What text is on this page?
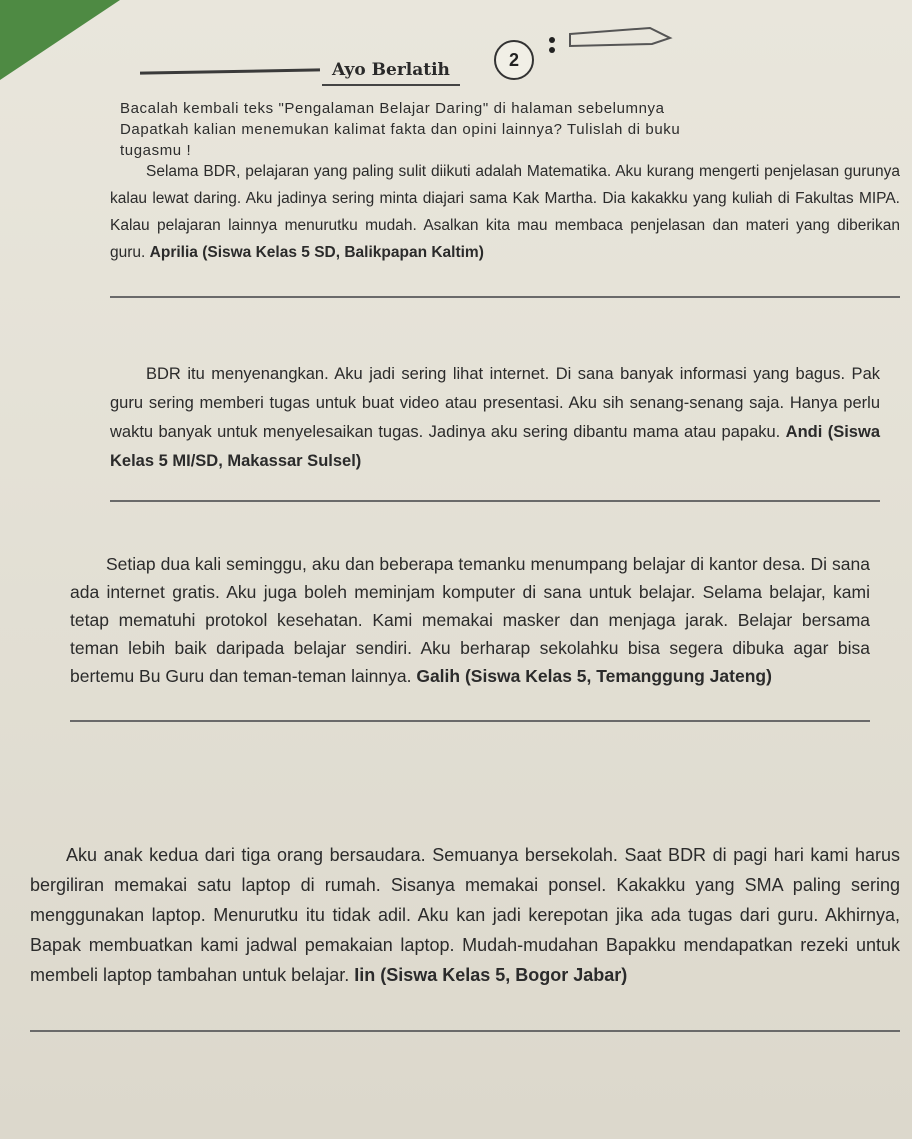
Ayo Berlatih
2
Bacalah kembali teks "Pengalaman Belajar Daring" di halaman sebelumnya
Dapatkah kalian menemukan kalimat fakta dan opini lainnya? Tulislah di buku
tugasmu !

Selama BDR, pelajaran yang paling sulit diikuti adalah Matematika. Aku kurang mengerti penjelasan gurunya kalau lewat daring. Aku jadinya sering minta diajari sama Kak Martha. Dia kakakku yang kuliah di Fakultas MIPA. Kalau pelajaran lainnya menurutku mudah. Asalkan kita mau membaca penjelasan dan materi yang diberikan guru. Aprilia (Siswa Kelas 5 SD, Balikpapan Kaltim)

BDR itu menyenangkan. Aku jadi sering lihat internet. Di sana banyak informasi yang bagus. Pak guru sering memberi tugas untuk buat video atau presentasi. Aku sih senang-senang saja. Hanya perlu waktu banyak untuk menyelesaikan tugas. Jadinya aku sering dibantu mama atau papaku. Andi (Siswa Kelas 5 MI/SD, Makassar Sulsel)

Setiap dua kali seminggu, aku dan beberapa temanku menumpang belajar di kantor desa. Di sana ada internet gratis. Aku juga boleh meminjam komputer di sana untuk belajar. Selama belajar, kami tetap mematuhi protokol kesehatan. Kami memakai masker dan menjaga jarak. Belajar bersama teman lebih baik daripada belajar sendiri. Aku berharap sekolahku bisa segera dibuka agar bisa bertemu Bu Guru dan teman-teman lainnya. Galih (Siswa Kelas 5, Temanggung Jateng)

Aku anak kedua dari tiga orang bersaudara. Semuanya bersekolah. Saat BDR di pagi hari kami harus bergiliran memakai satu laptop di rumah. Sisanya memakai ponsel. Kakakku yang SMA paling sering menggunakan laptop. Menurutku itu tidak adil. Aku kan jadi kerepotan jika ada tugas dari guru. Akhirnya, Bapak membuatkan kami jadwal pemakaian laptop. Mudah-mudahan Bapakku mendapatkan rezeki untuk membeli laptop tambahan untuk belajar. Iin (Siswa Kelas 5, Bogor Jabar)
